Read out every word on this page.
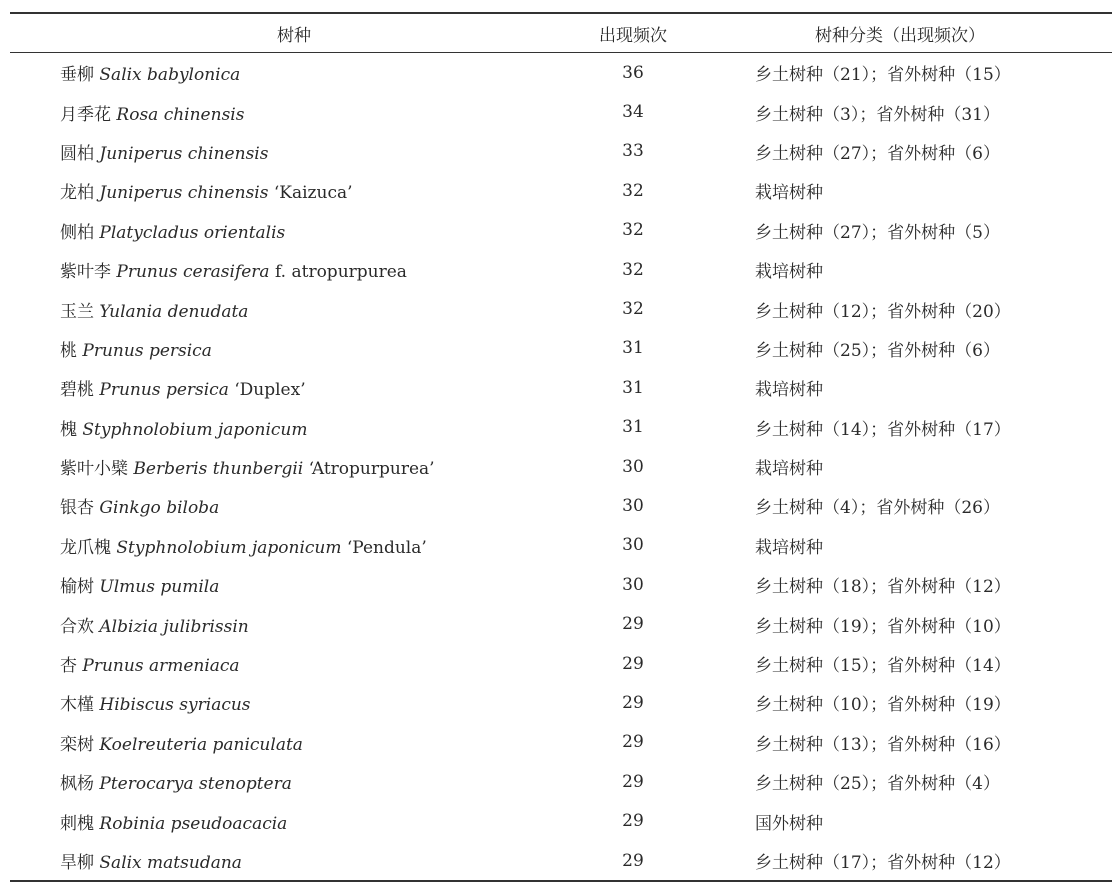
树种	出现频次	树种分类（出现频次）
垂柳 Salix babylonica	36	乡土树种（21）；省外树种（15）
月季花 Rosa chinensis	34	乡土树种（3）；省外树种（31）
圆柏 Juniperus chinensis	33	乡土树种（27）；省外树种（6）
龙柏 Juniperus chinensis ‘Kaizuca’	32	栽培树种
侧柏 Platycladus orientalis	32	乡土树种（27）；省外树种（5）
紫叶李 Prunus cerasifera f. atropurpurea	32	栽培树种
玉兰 Yulania denudata	32	乡土树种（12）；省外树种（20）
桃 Prunus persica	31	乡土树种（25）；省外树种（6）
碧桃 Prunus persica ‘Duplex’	31	栽培树种
槐 Styphnolobium japonicum	31	乡土树种（14）；省外树种（17）
紫叶小檗 Berberis thunbergii ‘Atropurpurea’	30	栽培树种
银杏 Ginkgo biloba	30	乡土树种（4）；省外树种（26）
龙爪槐 Styphnolobium japonicum ‘Pendula’	30	栽培树种
榆树 Ulmus pumila	30	乡土树种（18）；省外树种（12）
合欢 Albizia julibrissin	29	乡土树种（19）；省外树种（10）
杏 Prunus armeniaca	29	乡土树种（15）；省外树种（14）
木槿 Hibiscus syriacus	29	乡土树种（10）；省外树种（19）
栾树 Koelreuteria paniculata	29	乡土树种（13）；省外树种（16）
枫杨 Pterocarya stenoptera	29	乡土树种（25）；省外树种（4）
刺槐 Robinia pseudoacacia	29	国外树种
旱柳 Salix matsudana	29	乡土树种（17）；省外树种（12）
